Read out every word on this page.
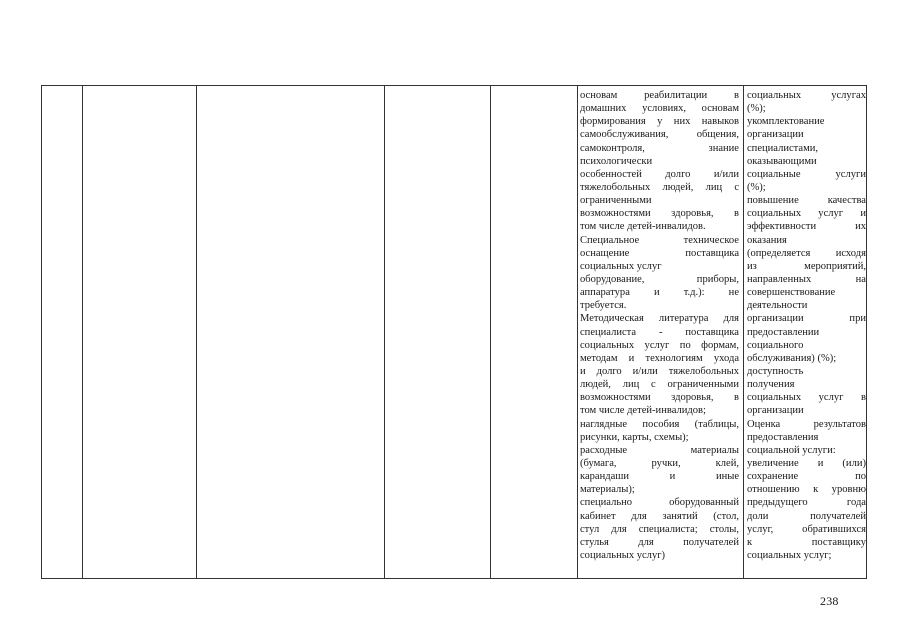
основам реабилитации в
домашних условиях, основам
формирования у них навыков
самообслуживания, общения,
самоконтроля, знание
психологически
особенностей долго и/или
тяжелобольных людей, лиц с
ограниченными
возможностями здоровья, в
том числе детей-инвалидов.
Специальное техническое
оснащение поставщика
социальных услуг
оборудование, приборы,
аппаратура и т.д.): не
требуется.
Методическая литература для
специалиста - поставщика
социальных услуг по формам,
методам и технологиям ухода
и долго и/или тяжелобольных
людей, лиц с ограниченными
возможностями здоровья, в
том числе детей-инвалидов;
наглядные пособия (таблицы,
рисунки, карты, схемы);
расходные материалы
(бумага, ручки, клей,
карандаши и иные
материалы);
специально оборудованный
кабинет для занятий (стол,
стул для специалиста; столы,
стулья для получателей
социальных услуг)
социальных услугах
(%);
укомплектование
организации
специалистами,
оказывающими
социальные услуги
(%);
повышение качества
социальных услуг и
эффективности их
оказания
(определяется исходя
из мероприятий,
направленных на
совершенствование
деятельности
организации при
предоставлении
социального
обслуживания) (%);
доступность
получения
социальных услуг в
организации
Оценка результатов
предоставления
социальной услуги:
увеличение и (или)
сохранение по
отношению к уровню
предыдущего года
доли получателей
услуг, обратившихся
к поставщику
социальных услуг;
238
